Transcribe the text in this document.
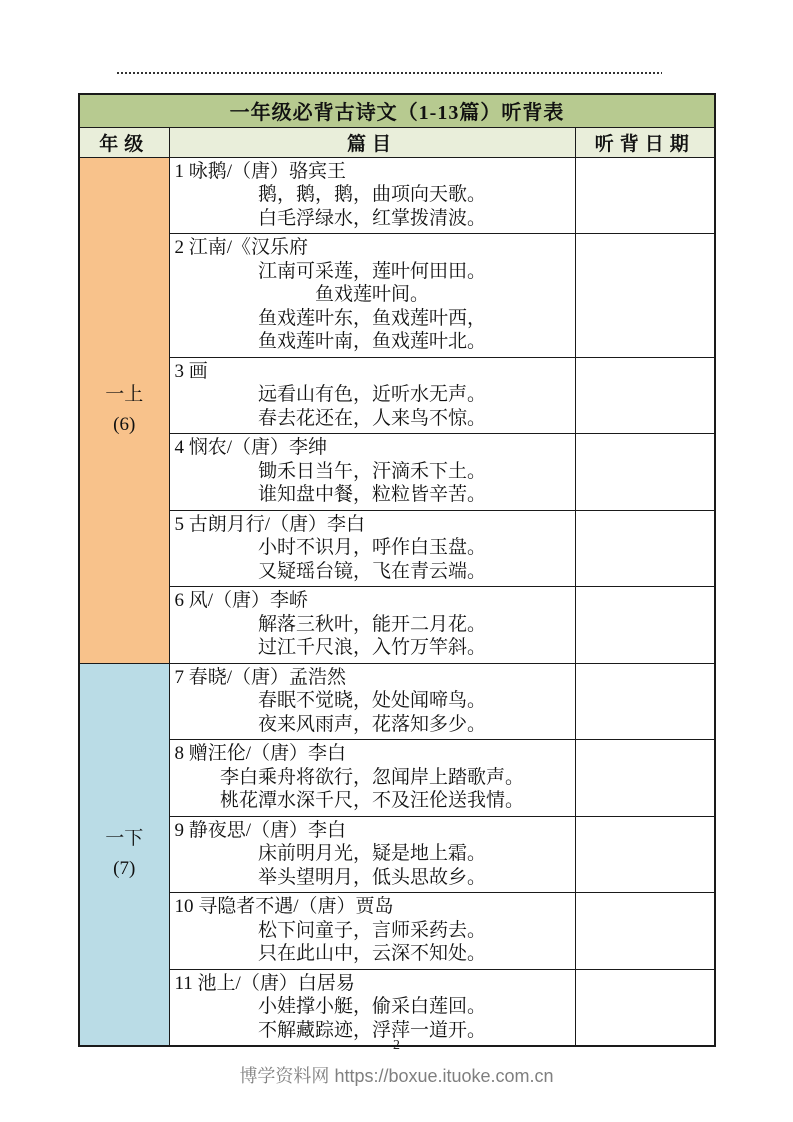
一年级必背古诗文（1-13篇）听背表		
年级	篇目	听背日期

一上
(6)

1 咏鹅/（唐）骆宾王
鹅，鹅，鹅，曲项向天歌。
白毛浮绿水，红掌拨清波。

	2 江南/《汉乐府
江南可采莲，莲叶何田田。
鱼戏莲叶间。
鱼戏莲叶东，鱼戏莲叶西，
鱼戏莲叶南，鱼戏莲叶北。	

	3 画
远看山有色，近听水无声。
春去花还在，人来鸟不惊。	

	4 悯农/（唐）李绅
锄禾日当午，汗滴禾下土。
谁知盘中餐，粒粒皆辛苦。	

	5 古朗月行/（唐）李白
小时不识月，呼作白玉盘。
又疑瑶台镜，飞在青云端。	

	6 风/（唐）李峤
解落三秋叶，能开二月花。
过江千尺浪，入竹万竿斜。	

一下
(7)

7 春晓/（唐）孟浩然
春眠不觉晓，处处闻啼鸟。
夜来风雨声，花落知多少。

	8 赠汪伦/（唐）李白
李白乘舟将欲行，忽闻岸上踏歌声。
桃花潭水深千尺，不及汪伦送我情。	

	9 静夜思/（唐）李白
床前明月光，疑是地上霜。
举头望明月，低头思故乡。	

	10 寻隐者不遇/（唐）贾岛
松下问童子，言师采药去。
只在此山中，云深不知处。	

	11 池上/（唐）白居易
小娃撑小艇，偷采白莲回。
不解藏踪迹，浮萍一道开。	

2
博学资料网 https://boxue.ituoke.com.cn
